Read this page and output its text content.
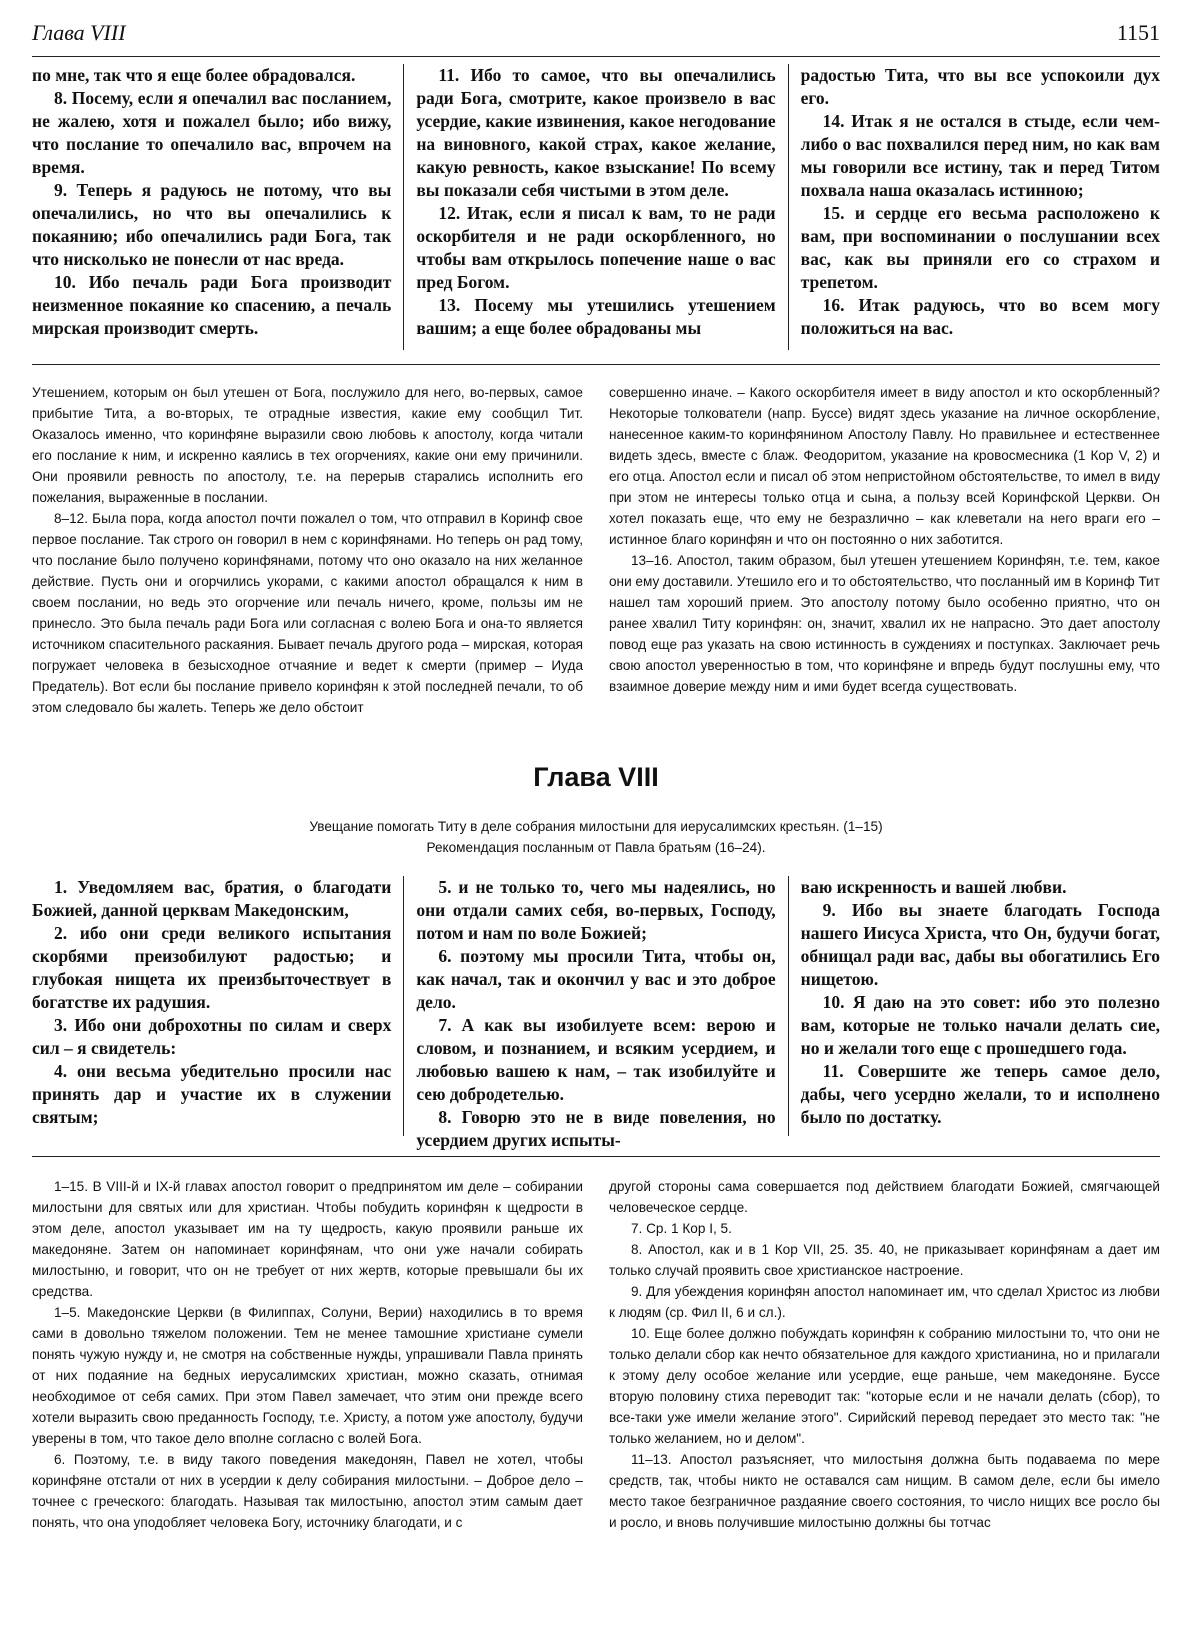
Глава VIII	1151

по мне, так что я еще более обрадовался.

8. Посему, если я опечалил вас посланием, не жалею, хотя и пожалел было; ибо вижу, что послание то опечалило вас, впрочем на время.

9. Теперь я радуюсь не потому, что вы опечалились, но что вы опечалились к покаянию; ибо опечалились ради Бога, так что нисколько не понесли от нас вреда.

10. Ибо печаль ради Бога производит неизменное покаяние ко спасению, а печаль мирская производит смерть.

11. Ибо то самое, что вы опечалились ради Бога, смотрите, какое произвело в вас усердие, какие извинения, какое негодование на виновного, какой страх, какое желание, какую ревность, какое взыскание! По всему вы показали себя чистыми в этом деле.

12. Итак, если я писал к вам, то не ради оскорбителя и не ради оскорбленного, но чтобы вам открылось попечение наше о вас пред Богом.

13. Посему мы утешились утешением вашим; а еще более обрадованы мы

радостью Тита, что вы все успокоили дух его.

14. Итак я не остался в стыде, если чем-либо о вас похвалился перед ним, но как вам мы говорили все истину, так и перед Титом похвала наша оказалась истинною;

15. и сердце его весьма расположено к вам, при воспоминании о послушании всех вас, как вы приняли его со страхом и трепетом.

16. Итак радуюсь, что во всем могу положиться на вас.

Утешением, которым он был утешен от Бога, послужило для него, во-первых, самое прибытие Тита, а во-вторых, те отрадные известия, какие ему сообщил Тит. Оказалось именно, что коринфяне выразили свою любовь к апостолу, когда читали его послание к ним, и искренно каялись в тех огорчениях, какие они ему причинили. Они проявили ревность по апостолу, т.е. на перерыв старались исполнить его пожелания, выраженные в послании.

8–12. Была пора, когда апостол почти пожалел о том, что отправил в Коринф свое первое послание. Так строго он говорил в нем с коринфянами. Но теперь он рад тому, что послание было получено коринфянами, потому что оно оказало на них желанное действие. Пусть они и огорчились укорами, с какими апостол обращался к ним в своем послании, но ведь это огорчение или печаль ничего, кроме, пользы им не принесло. Это была печаль ради Бога или согласная с волею Бога и она-то является источником спасительного раскаяния. Бывает печаль другого рода – мирская, которая погружает человека в безысходное отчаяние и ведет к смерти (пример – Иуда Предатель). Вот если бы послание привело коринфян к этой последней печали, то об этом следовало бы жалеть. Теперь же дело обстоит

совершенно иначе. – Какого оскорбителя имеет в виду апостол и кто оскорбленный? Некоторые толкователи (напр. Буссе) видят здесь указание на личное оскорбление, нанесенное каким-то коринфянином Апостолу Павлу. Но правильнее и естественнее видеть здесь, вместе с блаж. Феодоритом, указание на кровосмесника (1 Кор V, 2) и его отца. Апостол если и писал об этом непристойном обстоятельстве, то имел в виду при этом не интересы только отца и сына, а пользу всей Коринфской Церкви. Он хотел показать еще, что ему не безразлично – как клеветали на него враги его – истинное благо коринфян и что он постоянно о них заботится.

13–16. Апостол, таким образом, был утешен утешением Коринфян, т.е. тем, какое они ему доставили. Утешило его и то обстоятельство, что посланный им в Коринф Тит нашел там хороший прием. Это апостолу потому было особенно приятно, что он ранее хвалил Титу коринфян: он, значит, хвалил их не напрасно. Это дает апостолу повод еще раз указать на свою истинность в суждениях и поступках. Заключает речь свою апостол уверенностью в том, что коринфяне и впредь будут послушны ему, что взаимное доверие между ним и ими будет всегда существовать.

Глава VIII
Увещание помогать Титу в деле собрания милостыни для иерусалимских крестьян. (1–15)
Рекомендация посланным от Павла братьям (16–24).

1. Уведомляем вас, братия, о благодати Божией, данной церквам Македонским,

2. ибо они среди великого испытания скорбями преизобилуют радостью; и глубокая нищета их преизбыточествует в богатстве их радушия.

3. Ибо они доброхотны по силам и сверх сил – я свидетель:

4. они весьма убедительно просили нас принять дар и участие их в служении святым;

5. и не только то, чего мы надеялись, но они отдали самих себя, во-первых, Господу, потом и нам по воле Божией;

6. поэтому мы просили Тита, чтобы он, как начал, так и окончил у вас и это доброе дело.

7. А как вы изобилуете всем: верою и словом, и познанием, и всяким усердием, и любовью вашею к нам, – так изобилуйте и сею добродетелью.

8. Говорю это не в виде повеления, но усердием других испыты-

ваю искренность и вашей любви.

9. Ибо вы знаете благодать Господа нашего Иисуса Христа, что Он, будучи богат, обнищал ради вас, дабы вы обогатились Его нищетою.

10. Я даю на это совет: ибо это полезно вам, которые не только начали делать сие, но и желали того еще с прошедшего года.

11. Совершите же теперь самое дело, дабы, чего усердно желали, то и исполнено было по достатку.

1–15. В VIII-й и IX-й главах апостол говорит о предпринятом им деле – собирании милостыни для святых или для христиан. Чтобы побудить коринфян к щедрости в этом деле, апостол указывает им на ту щедрость, какую проявили раньше их македоняне. Затем он напоминает коринфянам, что они уже начали собирать милостыню, и говорит, что он не требует от них жертв, которые превышали бы их средства.

1–5. Македонские Церкви (в Филиппах, Солуни, Верии) находились в то время сами в довольно тяжелом положении. Тем не менее тамошние христиане сумели понять чужую нужду и, не смотря на собственные нужды, упрашивали Павла принять от них подаяние на бедных иерусалимских христиан, можно сказать, отнимая необходимое от себя самих. При этом Павел замечает, что этим они прежде всего хотели выразить свою преданность Господу, т.е. Христу, а потом уже апостолу, будучи уверены в том, что такое дело вполне согласно с волей Бога.

6. Поэтому, т.е. в виду такого поведения македонян, Павел не хотел, чтобы коринфяне отстали от них в усердии к делу собирания милостыни. – Доброе дело – точнее с греческого: благодать. Называя так милостыню, апостол этим самым дает понять, что она уподобляет человека Богу, источнику благодати, и с

другой стороны сама совершается под действием благодати Божией, смягчающей человеческое сердце.

7. Ср. 1 Кор I, 5.

8. Апостол, как и в 1 Кор VII, 25. 35. 40, не приказывает коринфянам а дает им только случай проявить свое христианское настроение.

9. Для убеждения коринфян апостол напоминает им, что сделал Христос из любви к людям (ср. Фил II, 6 и сл.).

10. Еще более должно побуждать коринфян к собранию милостыни то, что они не только делали сбор как нечто обязательное для каждого христианина, но и прилагали к этому делу особое желание или усердие, еще раньше, чем македоняне. Буссе вторую половину стиха переводит так: "которые если и не начали делать (сбор), то все-таки уже имели желание этого". Сирийский перевод передает это место так: "не только желанием, но и делом".

11–13. Апостол разъясняет, что милостыня должна быть подаваема по мере средств, так, чтобы никто не оставался сам нищим. В самом деле, если бы имело место такое безграничное раздаяние своего состояния, то число нищих все росло бы и росло, и вновь получившие милостыню должны бы тотчас
